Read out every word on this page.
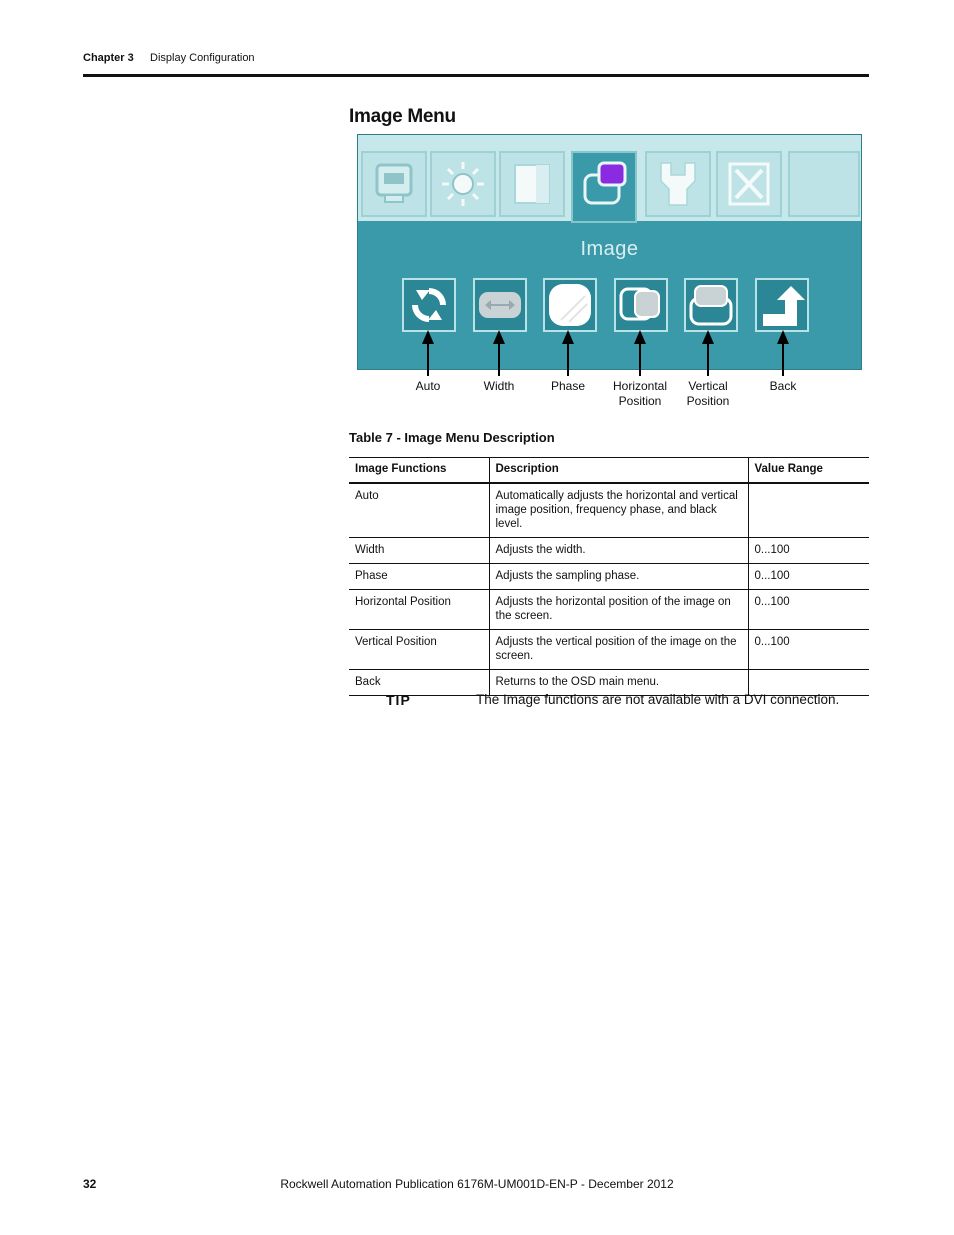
Chapter 3 Display Configuration
Image Menu
Image
Auto	Width	Phase	Horizontal
Position
Vertical
Position
Back
Table 7 - Image Menu Description
Image Functions	Description	Value Range
Auto	Automatically adjusts the horizontal and vertical image position, frequency phase, and black level.	
Width	Adjusts the width.	0...100
Phase	Adjusts the sampling phase.	0...100
Horizontal Position	Adjusts the horizontal position of the image on the screen.	0...100
Vertical Position	Adjusts the vertical position of the image on the screen.	0...100
Back	Returns to the OSD main menu.	
TIP	The Image functions are not available with a DVI connection.
32	Rockwell Automation Publication 6176M-UM001D-EN-P - December 2012
